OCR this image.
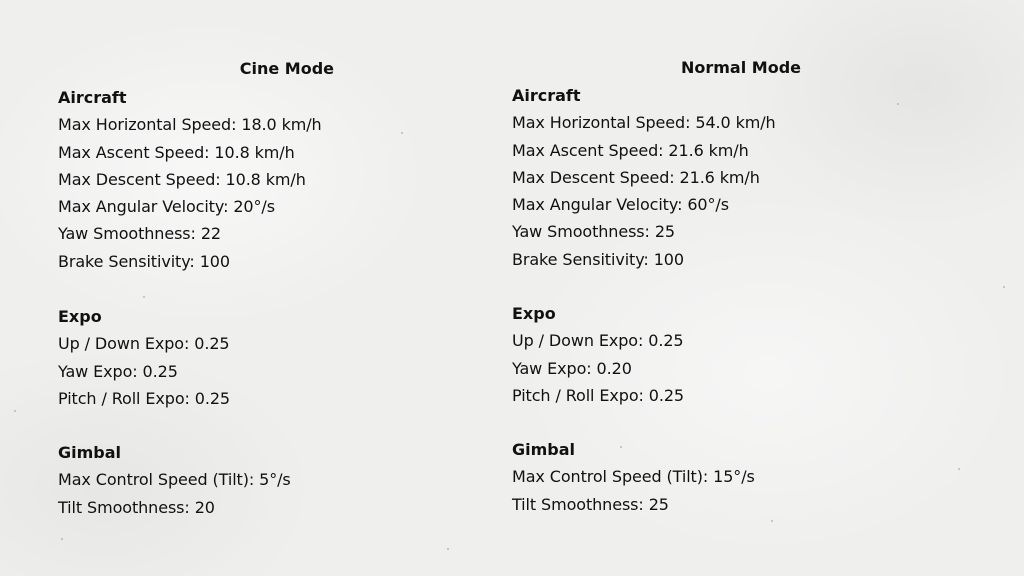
Cine Mode
Aircraft
Max Horizontal Speed: 18.0 km/h
Max Ascent Speed: 10.8 km/h
Max Descent Speed: 10.8 km/h
Max Angular Velocity: 20°/s
Yaw Smoothness: 22
Brake Sensitivity: 100
Expo
Up / Down Expo: 0.25
Yaw Expo: 0.25
Pitch / Roll Expo: 0.25
Gimbal
Max Control Speed (Tilt): 5°/s
Tilt Smoothness: 20
Normal Mode
Aircraft
Max Horizontal Speed: 54.0 km/h
Max Ascent Speed: 21.6 km/h
Max Descent Speed: 21.6 km/h
Max Angular Velocity: 60°/s
Yaw Smoothness: 25
Brake Sensitivity: 100
Expo
Up / Down Expo: 0.25
Yaw Expo: 0.20
Pitch / Roll Expo: 0.25
Gimbal
Max Control Speed (Tilt): 15°/s
Tilt Smoothness: 25
